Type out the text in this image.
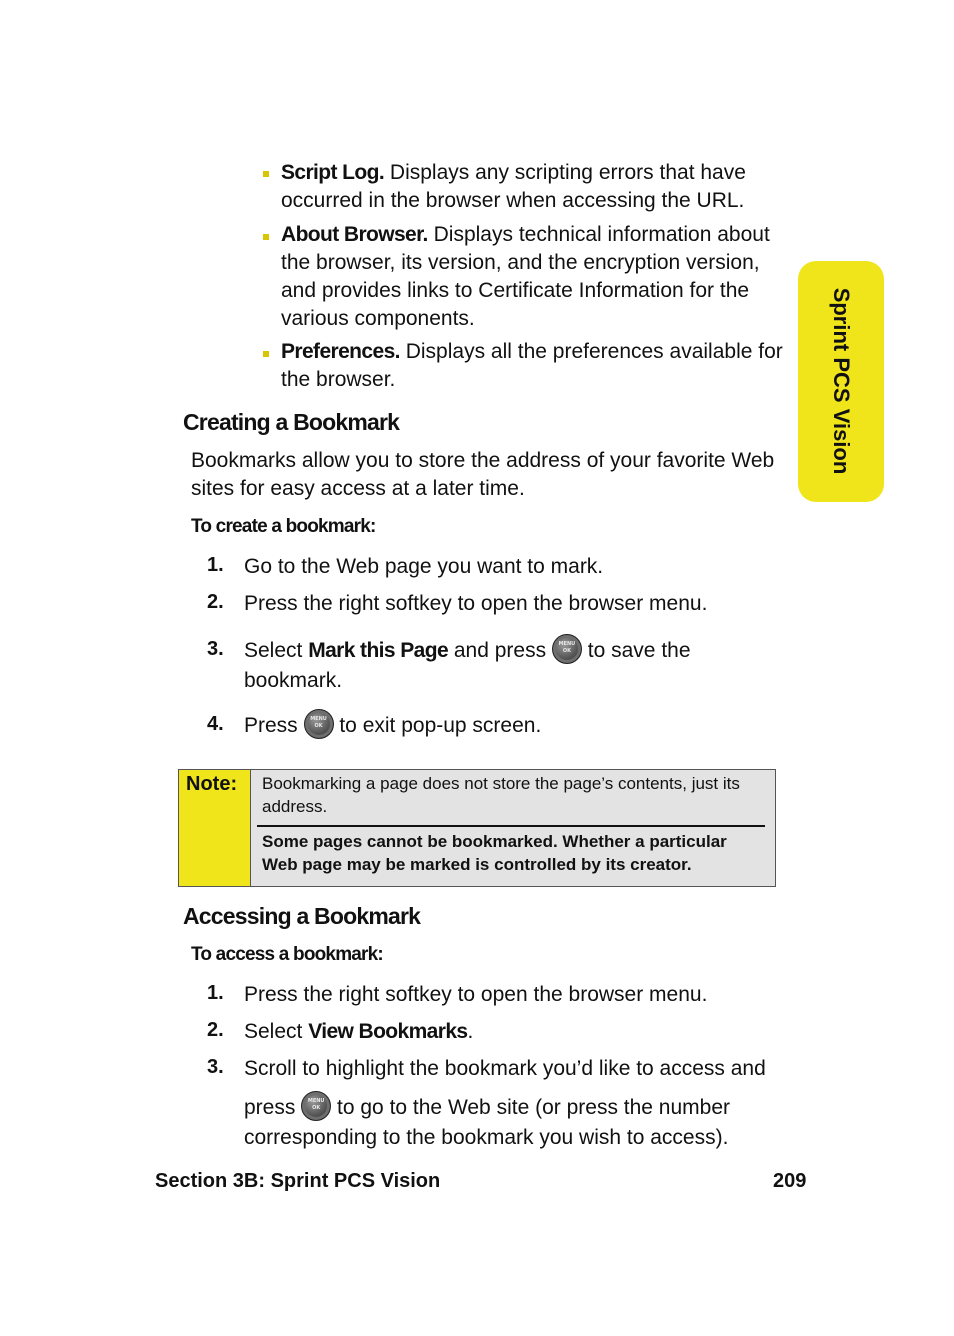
Sprint PCS Vision
Script Log. Displays any scripting errors that have occurred in the browser when accessing the URL.
About Browser. Displays technical information about the browser, its version, and the encryption version, and provides links to Certificate Information for the various components.
Preferences. Displays all the preferences available for the browser.
Creating a Bookmark
Bookmarks allow you to store the address of your favorite Web sites for easy access at a later time.
To create a bookmark:
1. Go to the Web page you want to mark.
2. Press the right softkey to open the browser menu.
3. Select Mark this Page and press	MENU
OK to save the bookmark.
4. Press	MENU
OK to exit pop-up screen.
Note: Bookmarking a page does not store the page’s contents, just its address.
Some pages cannot be bookmarked. Whether a particular Web page may be marked is controlled by its creator.
Accessing a Bookmark
To access a bookmark:
1. Press the right softkey to open the browser menu.
2. Select View Bookmarks.
3. Scroll to highlight the bookmark you’d like to access and
press	MENU
OK to go to the Web site (or press the number corresponding to the bookmark you wish to access).
Section 3B: Sprint PCS Vision	209
